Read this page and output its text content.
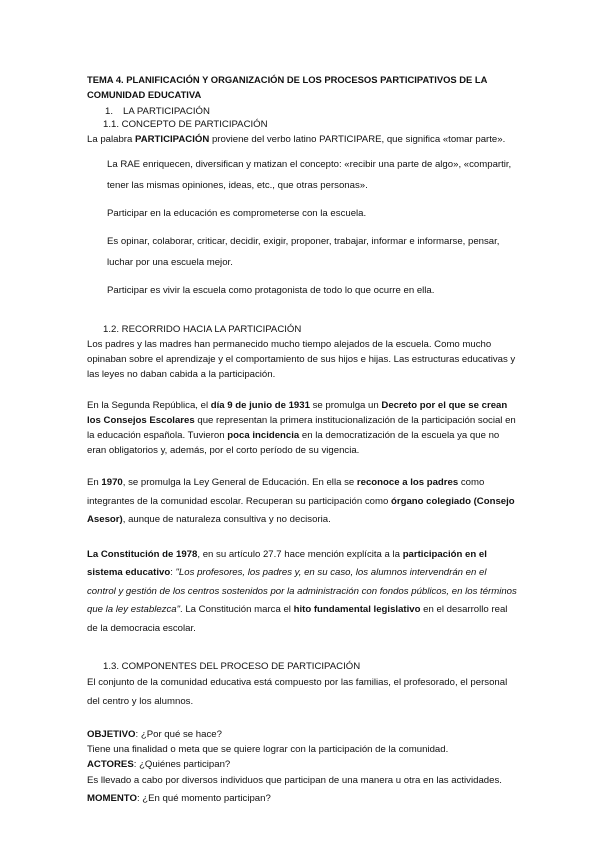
TEMA 4. PLANIFICACIÓN Y ORGANIZACIÓN DE LOS PROCESOS PARTICIPATIVOS DE LA COMUNIDAD EDUCATIVA

1. LA PARTICIPACIÓN
1.1. CONCEPTO DE PARTICIPACIÓN

La palabra PARTICIPACIÓN proviene del verbo latino PARTICIPARE, que significa «tomar parte».

La RAE enriquecen, diversifican y matizan el concepto: «recibir una parte de algo», «compartir, tener las mismas opiniones, ideas, etc., que otras personas».
Participar en la educación es comprometerse con la escuela.
Es opinar, colaborar, criticar, decidir, exigir, proponer, trabajar, informar e informarse, pensar, luchar por una escuela mejor.
Participar es vivir la escuela como protagonista de todo lo que ocurre en ella.
1.2. RECORRIDO HACIA LA PARTICIPACIÓN

Los padres y las madres han permanecido mucho tiempo alejados de la escuela. Como mucho opinaban sobre el aprendizaje y el comportamiento de sus hijos e hijas. Las estructuras educativas y las leyes no daban cabida a la participación.

En la Segunda República, el día 9 de junio de 1931 se promulga un Decreto por el que se crean los Consejos Escolares que representan la primera institucionalización de la participación social en la educación española. Tuvieron poca incidencia en la democratización de la escuela ya que no eran obligatorios y, además, por el corto período de su vigencia.

En 1970, se promulga la Ley General de Educación. En ella se reconoce a los padres como integrantes de la comunidad escolar. Recuperan su participación como órgano colegiado (Consejo Asesor), aunque de naturaleza consultiva y no decisoria.

La Constitución de 1978, en su artículo 27.7 hace mención explícita a la participación en el sistema educativo: "Los profesores, los padres y, en su caso, los alumnos intervendrán en el control y gestión de los centros sostenidos por la administración con fondos públicos, en los términos que la ley establezca". La Constitución marca el hito fundamental legislativo en el desarrollo real de la democracia escolar.

1.3. COMPONENTES DEL PROCESO DE PARTICIPACIÓN

El conjunto de la comunidad educativa está compuesto por las familias, el profesorado, el personal del centro y los alumnos.

OBJETIVO: ¿Por qué se hace?

Tiene una finalidad o meta que se quiere lograr con la participación de la comunidad.

ACTORES: ¿Quiénes participan?

Es llevado a cabo por diversos individuos que participan de una manera u otra en las actividades.

MOMENTO: ¿En qué momento participan?
